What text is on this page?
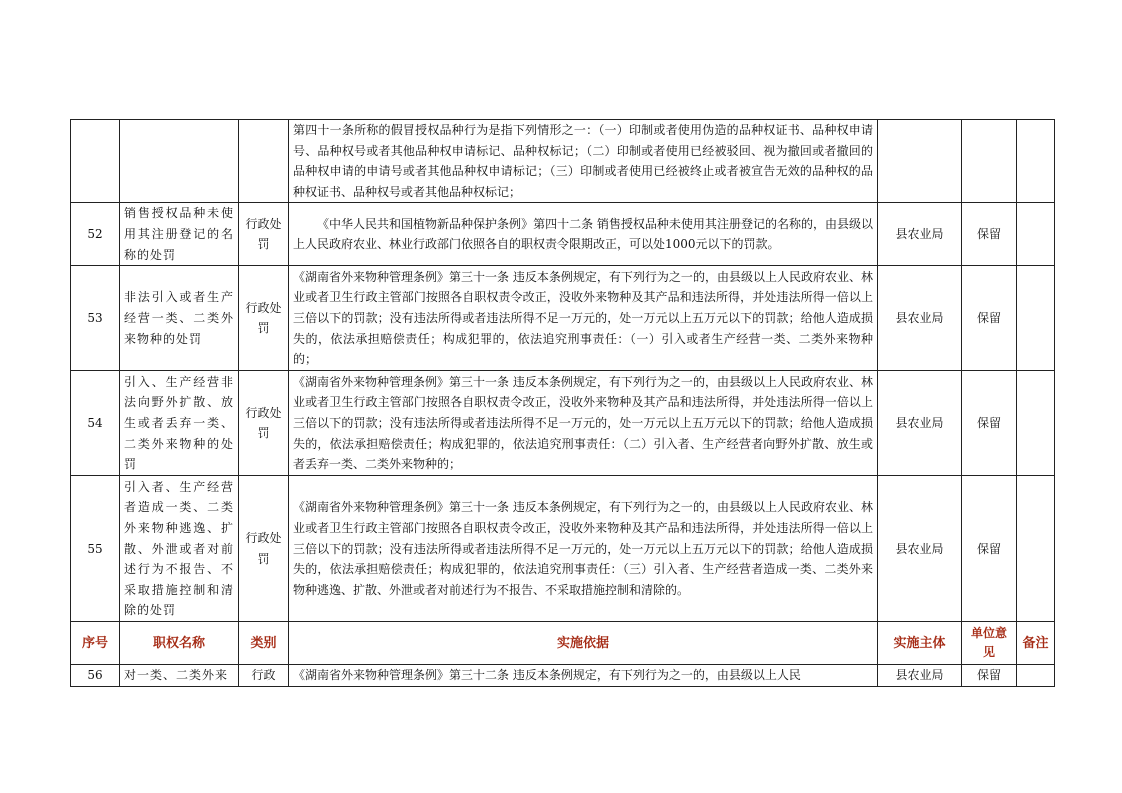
			第四十一条所称的假冒授权品种行为是指下列情形之一：（一）印制或者使用伪造的品种权证书、品种权申请号、品种权号或者其他品种权申请标记、品种权标记；（二）印制或者使用已经被驳回、视为撤回或者撤回的品种权申请的申请号或者其他品种权申请标记；（三）印制或者使用已经被终止或者被宣告无效的品种权的品种权证书、品种权号或者其他品种权标记；			
52	销售授权品种未使用其注册登记的名称的处罚	行政处罚	《中华人民共和国植物新品种保护条例》第四十二条 销售授权品种未使用其注册登记的名称的，由县级以上人民政府农业、林业行政部门依照各自的职权责令限期改正，可以处1000元以下的罚款。	县农业局	保留	
53	非法引入或者生产经营一类、二类外来物种的处罚	行政处罚	《湖南省外来物种管理条例》第三十一条 违反本条例规定，有下列行为之一的，由县级以上人民政府农业、林业或者卫生行政主管部门按照各自职权责令改正，没收外来物种及其产品和违法所得，并处违法所得一倍以上三倍以下的罚款；没有违法所得或者违法所得不足一万元的，处一万元以上五万元以下的罚款；给他人造成损失的，依法承担赔偿责任；构成犯罪的，依法追究刑事责任：（一）引入或者生产经营一类、二类外来物种的；	县农业局	保留	
54	引入、生产经营非法向野外扩散、放生或者丢弃一类、二类外来物种的处罚	行政处罚	《湖南省外来物种管理条例》第三十一条 违反本条例规定，有下列行为之一的，由县级以上人民政府农业、林业或者卫生行政主管部门按照各自职权责令改正，没收外来物种及其产品和违法所得，并处违法所得一倍以上三倍以下的罚款；没有违法所得或者违法所得不足一万元的，处一万元以上五万元以下的罚款；给他人造成损失的，依法承担赔偿责任；构成犯罪的，依法追究刑事责任：（二）引入者、生产经营者向野外扩散、放生或者丢弃一类、二类外来物种的；	县农业局	保留	
55	引入者、生产经营者造成一类、二类外来物种逃逸、扩散、外泄或者对前述行为不报告、不采取措施控制和清除的处罚	行政处罚	《湖南省外来物种管理条例》第三十一条 违反本条例规定，有下列行为之一的，由县级以上人民政府农业、林业或者卫生行政主管部门按照各自职权责令改正，没收外来物种及其产品和违法所得，并处违法所得一倍以上三倍以下的罚款；没有违法所得或者违法所得不足一万元的，处一万元以上五万元以下的罚款；给他人造成损失的，依法承担赔偿责任；构成犯罪的，依法追究刑事责任：（三）引入者、生产经营者造成一类、二类外来物种逃逸、扩散、外泄或者对前述行为不报告、不采取措施控制和清除的。	县农业局	保留	
序号	职权名称	类别	实施依据	实施主体	单位意见	备注
56	对一类、二类外来	行政	《湖南省外来物种管理条例》第三十二条 违反本条例规定，有下列行为之一的，由县级以上人民	县农业局	保留	
